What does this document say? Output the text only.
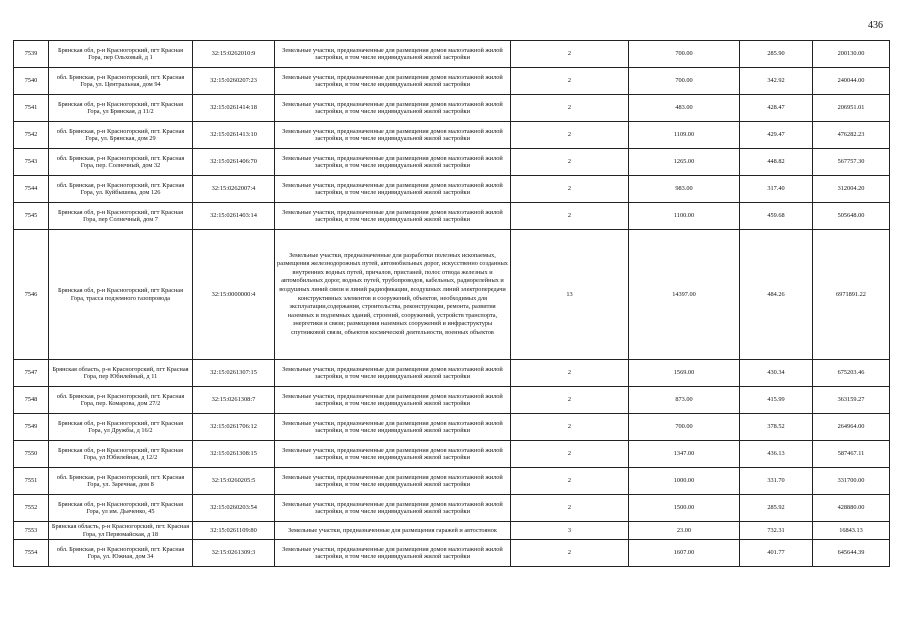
436
7539	Брянская обл, р-н Красногорский, пгт Красная Гора, пер Ольховый, д 1	32:15:0262010:9	Земельные участки, предназначенные для размещения домов малоэтажной жилой застройки, в том числе индивидуальной жилой застройки	2	700.00	285.90	200130.00
7540	обл. Брянская, р-н Красногорский, пгт. Красная Гора, ул. Центральная, дом 94	32:15:0260207:23	Земельные участки, предназначенные для размещения домов малоэтажной жилой застройки, в том числе индивидуальной жилой застройки	2	700.00	342.92	240044.00
7541	Брянская обл, р-н Красногорский, пгт Красная Гора, ул Брянская, д 11/2	32:15:0261414:18	Земельные участки, предназначенные для размещения домов малоэтажной жилой застройки, в том числе индивидуальной жилой застройки	2	483.00	428.47	206951.01
7542	обл. Брянская, р-н Красногорский, пгт. Красная Гора, ул. Брянская, дом 29	32:15:0261413:10	Земельные участки, предназначенные для размещения домов малоэтажной жилой застройки, в том числе индивидуальной жилой застройки	2	1109.00	429.47	476282.23
7543	обл. Брянская, р-н Красногорский, пгт. Красная Гора, пер. Солнечный, дом 32	32:15:0261406:70	Земельные участки, предназначенные для размещения домов малоэтажной жилой застройки, в том числе индивидуальной жилой застройки	2	1265.00	448.82	567757.30
7544	обл. Брянская, р-н Красногорский, пгт. Красная Гора, ул. Куйбышева, дом 126	32:15:0262007:4	Земельные участки, предназначенные для размещения домов малоэтажной жилой застройки, в том числе индивидуальной жилой застройки	2	983.00	317.40	312004.20
7545	Брянская обл, р-н Красногорский, пгт Красная Гора, пер Солнечный, дом 7	32:15:0261403:14	Земельные участки, предназначенные для размещения домов малоэтажной жилой застройки, в том числе индивидуальной жилой застройки	2	1100.00	459.68	505648.00
7546	Брянская обл, р-н Красногорский, пгт Красная Гора, трасса подземного газопровода	32:15:0000000:4	Земельные участки, предназначенные для разработки полезных ископаемых, размещения железнодорожных путей, автомобильных дорог, искусственно созданных внутренних водных путей, причалов, пристаней, полос отвода железных и автомобильных дорог, водных путей, трубопроводов, кабельных, радиорелейных и воздушных линий связи и линий радиофикации, воздушных линий электропередачи конструктивных элементов и сооружений, объектов, необходимых для эксплуатации,содержания, строительства, реконструкции, ремонта, развития наземных и подземных зданий, строений, сооружений, устройств транспорта, энергетики и связи; размещения наземных сооружений и инфраструктуры спутниковой связи, объектов космической деятельности, военных объектов	13	14397.00	484.26	6971891.22
7547	Брянская область, р-н Красногорский, пгт Красная Гора, пер Юбилейный, д 11	32:15:0261307:15	Земельные участки, предназначенные для размещения домов малоэтажной жилой застройки, в том числе индивидуальной жилой застройки	2	1569.00	430.34	675203.46
7548	обл. Брянская, р-н Красногорский, пгт. Красная Гора, пер. Комарова, дом 27/2	32:15:0261308:7	Земельные участки, предназначенные для размещения домов малоэтажной жилой застройки, в том числе индивидуальной жилой застройки	2	873.00	415.99	363159.27
7549	Брянская обл, р-н Красногорский, пгт Красная Гора, ул Дружбы, д 16/2	32:15:0261706:12	Земельные участки, предназначенные для размещения домов малоэтажной жилой застройки, в том числе индивидуальной жилой застройки	2	700.00	378.52	264964.00
7550	Брянская обл, р-н Красногорский, пгт Красная Гора, ул Юбилейная, д 12/2	32:15:0261308:15	Земельные участки, предназначенные для размещения домов малоэтажной жилой застройки, в том числе индивидуальной жилой застройки	2	1347.00	436.13	587467.11
7551	обл. Брянская, р-н Красногорский, пгт. Красная Гора, ул. Заречная, дом 8	32:15:0260205:5	Земельные участки, предназначенные для размещения домов малоэтажной жилой застройки, в том числе индивидуальной жилой застройки	2	1000.00	331.70	331700.00
7552	Брянская обл, р-н Красногорский, пгт Красная Гора, ул им. Дьяченко, 45	32:15:0260203:54	Земельные участки, предназначенные для размещения домов малоэтажной жилой застройки, в том числе индивидуальной жилой застройки	2	1500.00	285.92	428880.00
7553	Брянская область, р-н Красногорский, пгт. Красная Гора, ул Первомайская, д 18	32:15:0261109:80	Земельные участки, предназначенные для размещения гаражей и автостоянок	3	23.00	732.31	16843.13
7554	обл. Брянская, р-н Красногорский, пгт. Красная Гора, ул. Южная, дом 34	32:15:0261309:3	Земельные участки, предназначенные для размещения домов малоэтажной жилой застройки, в том числе индивидуальной жилой застройки	2	1607.00	401.77	645644.39
